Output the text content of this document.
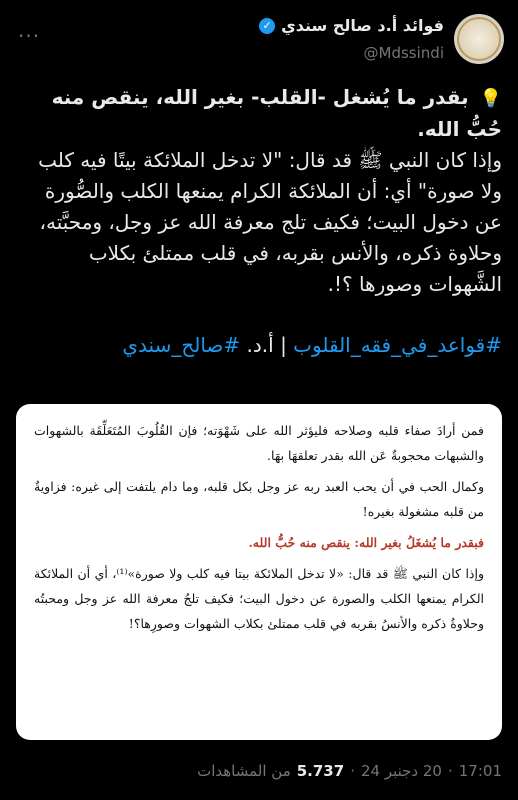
فوائد أ.د صالح سندي
✓
@Mdssindi
···

💡 بقدر ما يُشغل -القلب- بغير الله، ينقص منه حُبُّ الله.

وإذا كان النبي ﷺ قد قال: "لا تدخل الملائكة بيتًا فيه كلب ولا صورة" أي: أن الملائكة الكرام يمنعها الكلب والصُّورة عن دخول البيت؛ فكيف تلج معرفة الله عز وجل، ومحبَّته، وحلاوة ذكره، والأنس بقربه، في قلب ممتلئ بكلاب الشَّهوات وصورها ؟!.

#قواعد_في_فقه_القلوب | أ.د. #صالح_سندي

فمن أرادَ صفاء قلبه وصلاحه فليؤثر الله على شَهْوَته؛ فإن القُلُوبَ المُتَعَلِّقَة بالشهوات والشبهات محجوبةٌ عَن الله بقدر تعلقهَا بهَا.

وكمال الحب في أن يحب العبد ربه عز وجل بكل قلبه، وما دام يلتفت إلى غيره: فزاويةٌ من قلبه مشغولة بغيره!

فبقدر ما يُشغَلُ بغير الله: ينقص منه حُبُّ الله.

وإذا كان النبي ﷺ قد قال: «لا تدخل الملائكة بيتا فيه كلب ولا صورة»⁽¹⁾، أي أن الملائكة الكرام يمنعها الكلب والصورة عن دخول البيت؛ فكيف تلجُ معرفة الله عز وجل ومحبتُه وحلاوةُ ذكره والأنسُ بقربه في قلب ممتلئ بكلاب الشهوات وصورِها؟!

17:01
·
20 دجنبر 24
·
5.737
من المشاهدات
